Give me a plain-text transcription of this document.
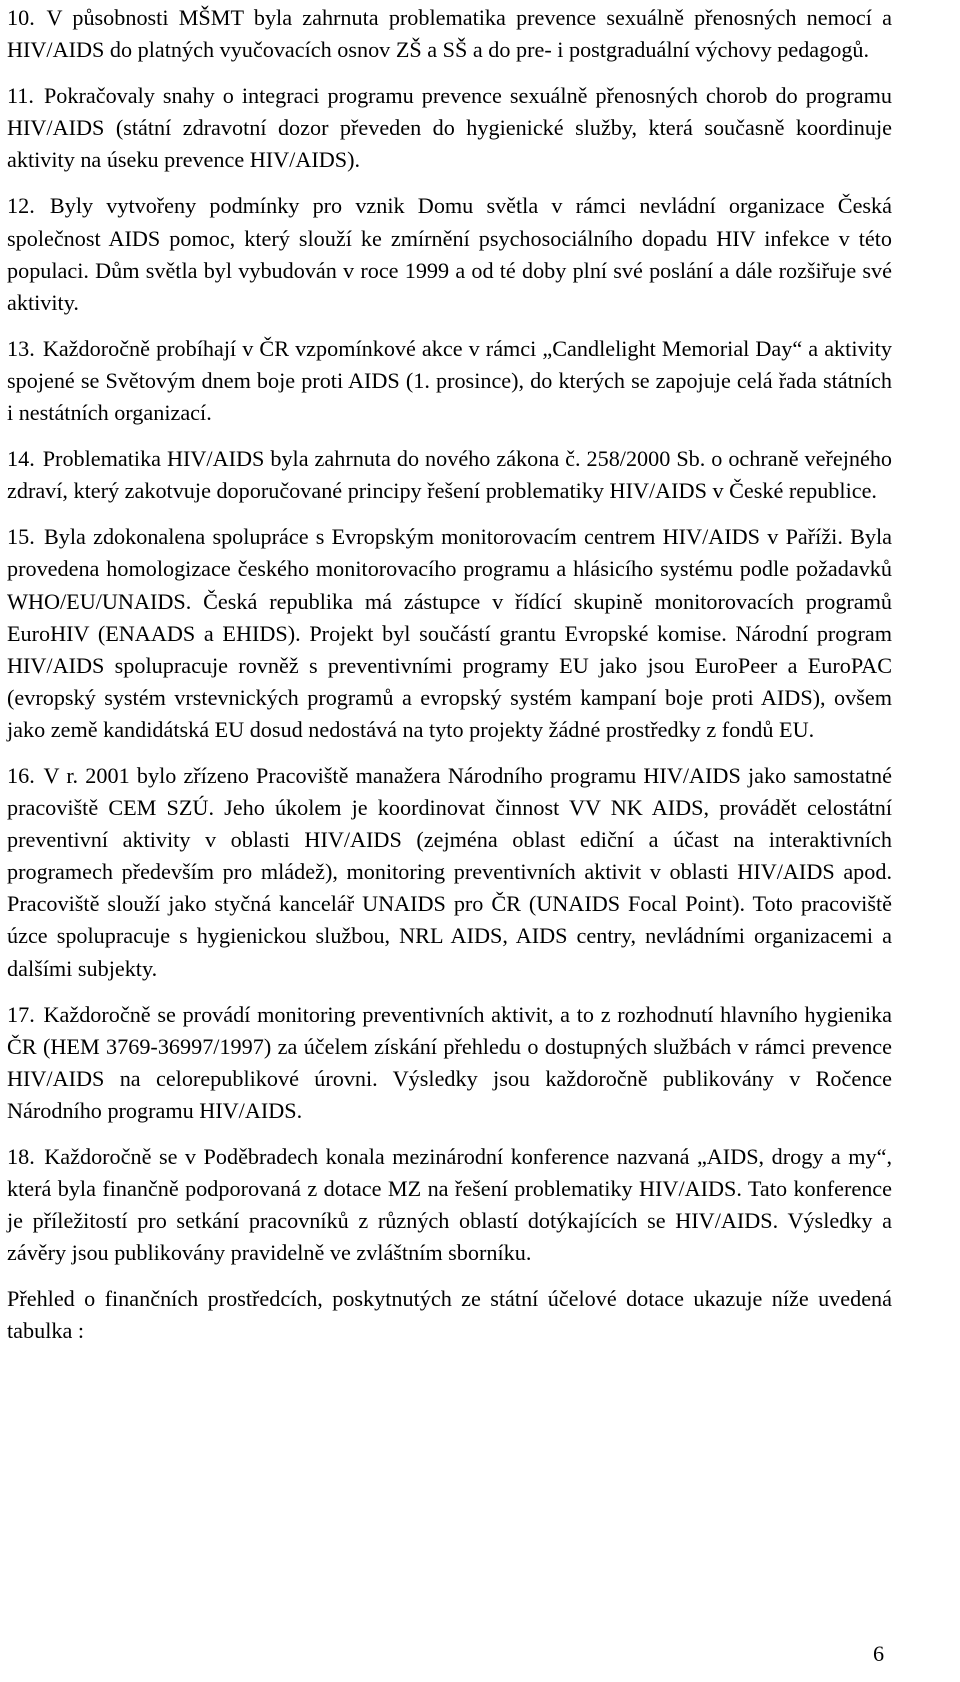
10. V působnosti MŠMT byla zahrnuta problematika prevence sexuálně přenosných nemocí a HIV/AIDS do platných vyučovacích osnov ZŠ a SŠ a do pre- i postgraduální výchovy pedagogů.

11. Pokračovaly snahy o integraci programu prevence sexuálně přenosných chorob do programu HIV/AIDS (státní zdravotní dozor převeden do hygienické služby, která současně koordinuje aktivity na úseku prevence HIV/AIDS).

12. Byly vytvořeny podmínky pro vznik Domu světla v rámci nevládní organizace Česká společnost AIDS pomoc, který slouží ke zmírnění psychosociálního dopadu HIV infekce v této populaci. Dům světla byl vybudován v roce 1999 a od té doby plní své poslání a dále rozšiřuje své aktivity.

13. Každoročně probíhají v ČR vzpomínkové akce v rámci „Candlelight Memorial Day“ a aktivity spojené se Světovým dnem boje proti AIDS (1. prosince), do kterých se zapojuje celá řada státních i nestátních organizací.

14. Problematika HIV/AIDS byla zahrnuta do nového zákona č. 258/2000 Sb. o ochraně veřejného zdraví, který zakotvuje doporučované principy řešení problematiky HIV/AIDS v České republice.

15. Byla zdokonalena spolupráce s Evropským monitorovacím centrem HIV/AIDS v Paříži. Byla provedena homologizace českého monitorovacího programu a hlásicího systému podle požadavků WHO/EU/UNAIDS. Česká republika má zástupce v řídící skupině monitorovacích programů EuroHIV (ENAADS a EHIDS). Projekt byl součástí grantu Evropské komise. Národní program HIV/AIDS spolupracuje rovněž s preventivními programy EU jako jsou EuroPeer a EuroPAC (evropský systém vrstevnických programů a evropský systém kampaní boje proti AIDS), ovšem jako země kandidátská EU dosud nedostává na tyto projekty žádné prostředky z fondů EU.

16. V r. 2001 bylo zřízeno Pracoviště manažera Národního programu HIV/AIDS jako samostatné pracoviště CEM SZÚ. Jeho úkolem je koordinovat činnost VV NK AIDS, provádět celostátní preventivní aktivity v oblasti HIV/AIDS (zejména oblast ediční a účast na interaktivních programech především pro mládež), monitoring preventivních aktivit v oblasti HIV/AIDS apod. Pracoviště slouží jako styčná kancelář UNAIDS pro ČR (UNAIDS Focal Point). Toto pracoviště úzce spolupracuje s hygienickou službou, NRL AIDS, AIDS centry, nevládními organizacemi a dalšími subjekty.

17. Každoročně se provádí monitoring preventivních aktivit, a to z rozhodnutí hlavního hygienika ČR (HEM 3769-36997/1997) za účelem získání přehledu o dostupných službách v rámci prevence HIV/AIDS na celorepublikové úrovni. Výsledky jsou každoročně publikovány v Ročence Národního programu HIV/AIDS.

18. Každoročně se v Poděbradech konala mezinárodní konference nazvaná „AIDS, drogy a my“, která byla finančně podporovaná z dotace MZ na řešení problematiky HIV/AIDS. Tato konference je příležitostí pro setkání pracovníků z různých oblastí dotýkajících se HIV/AIDS. Výsledky a závěry jsou publikovány pravidelně ve zvláštním sborníku.

Přehled o finančních prostředcích, poskytnutých ze státní účelové dotace ukazuje níže uvedená tabulka :

6
